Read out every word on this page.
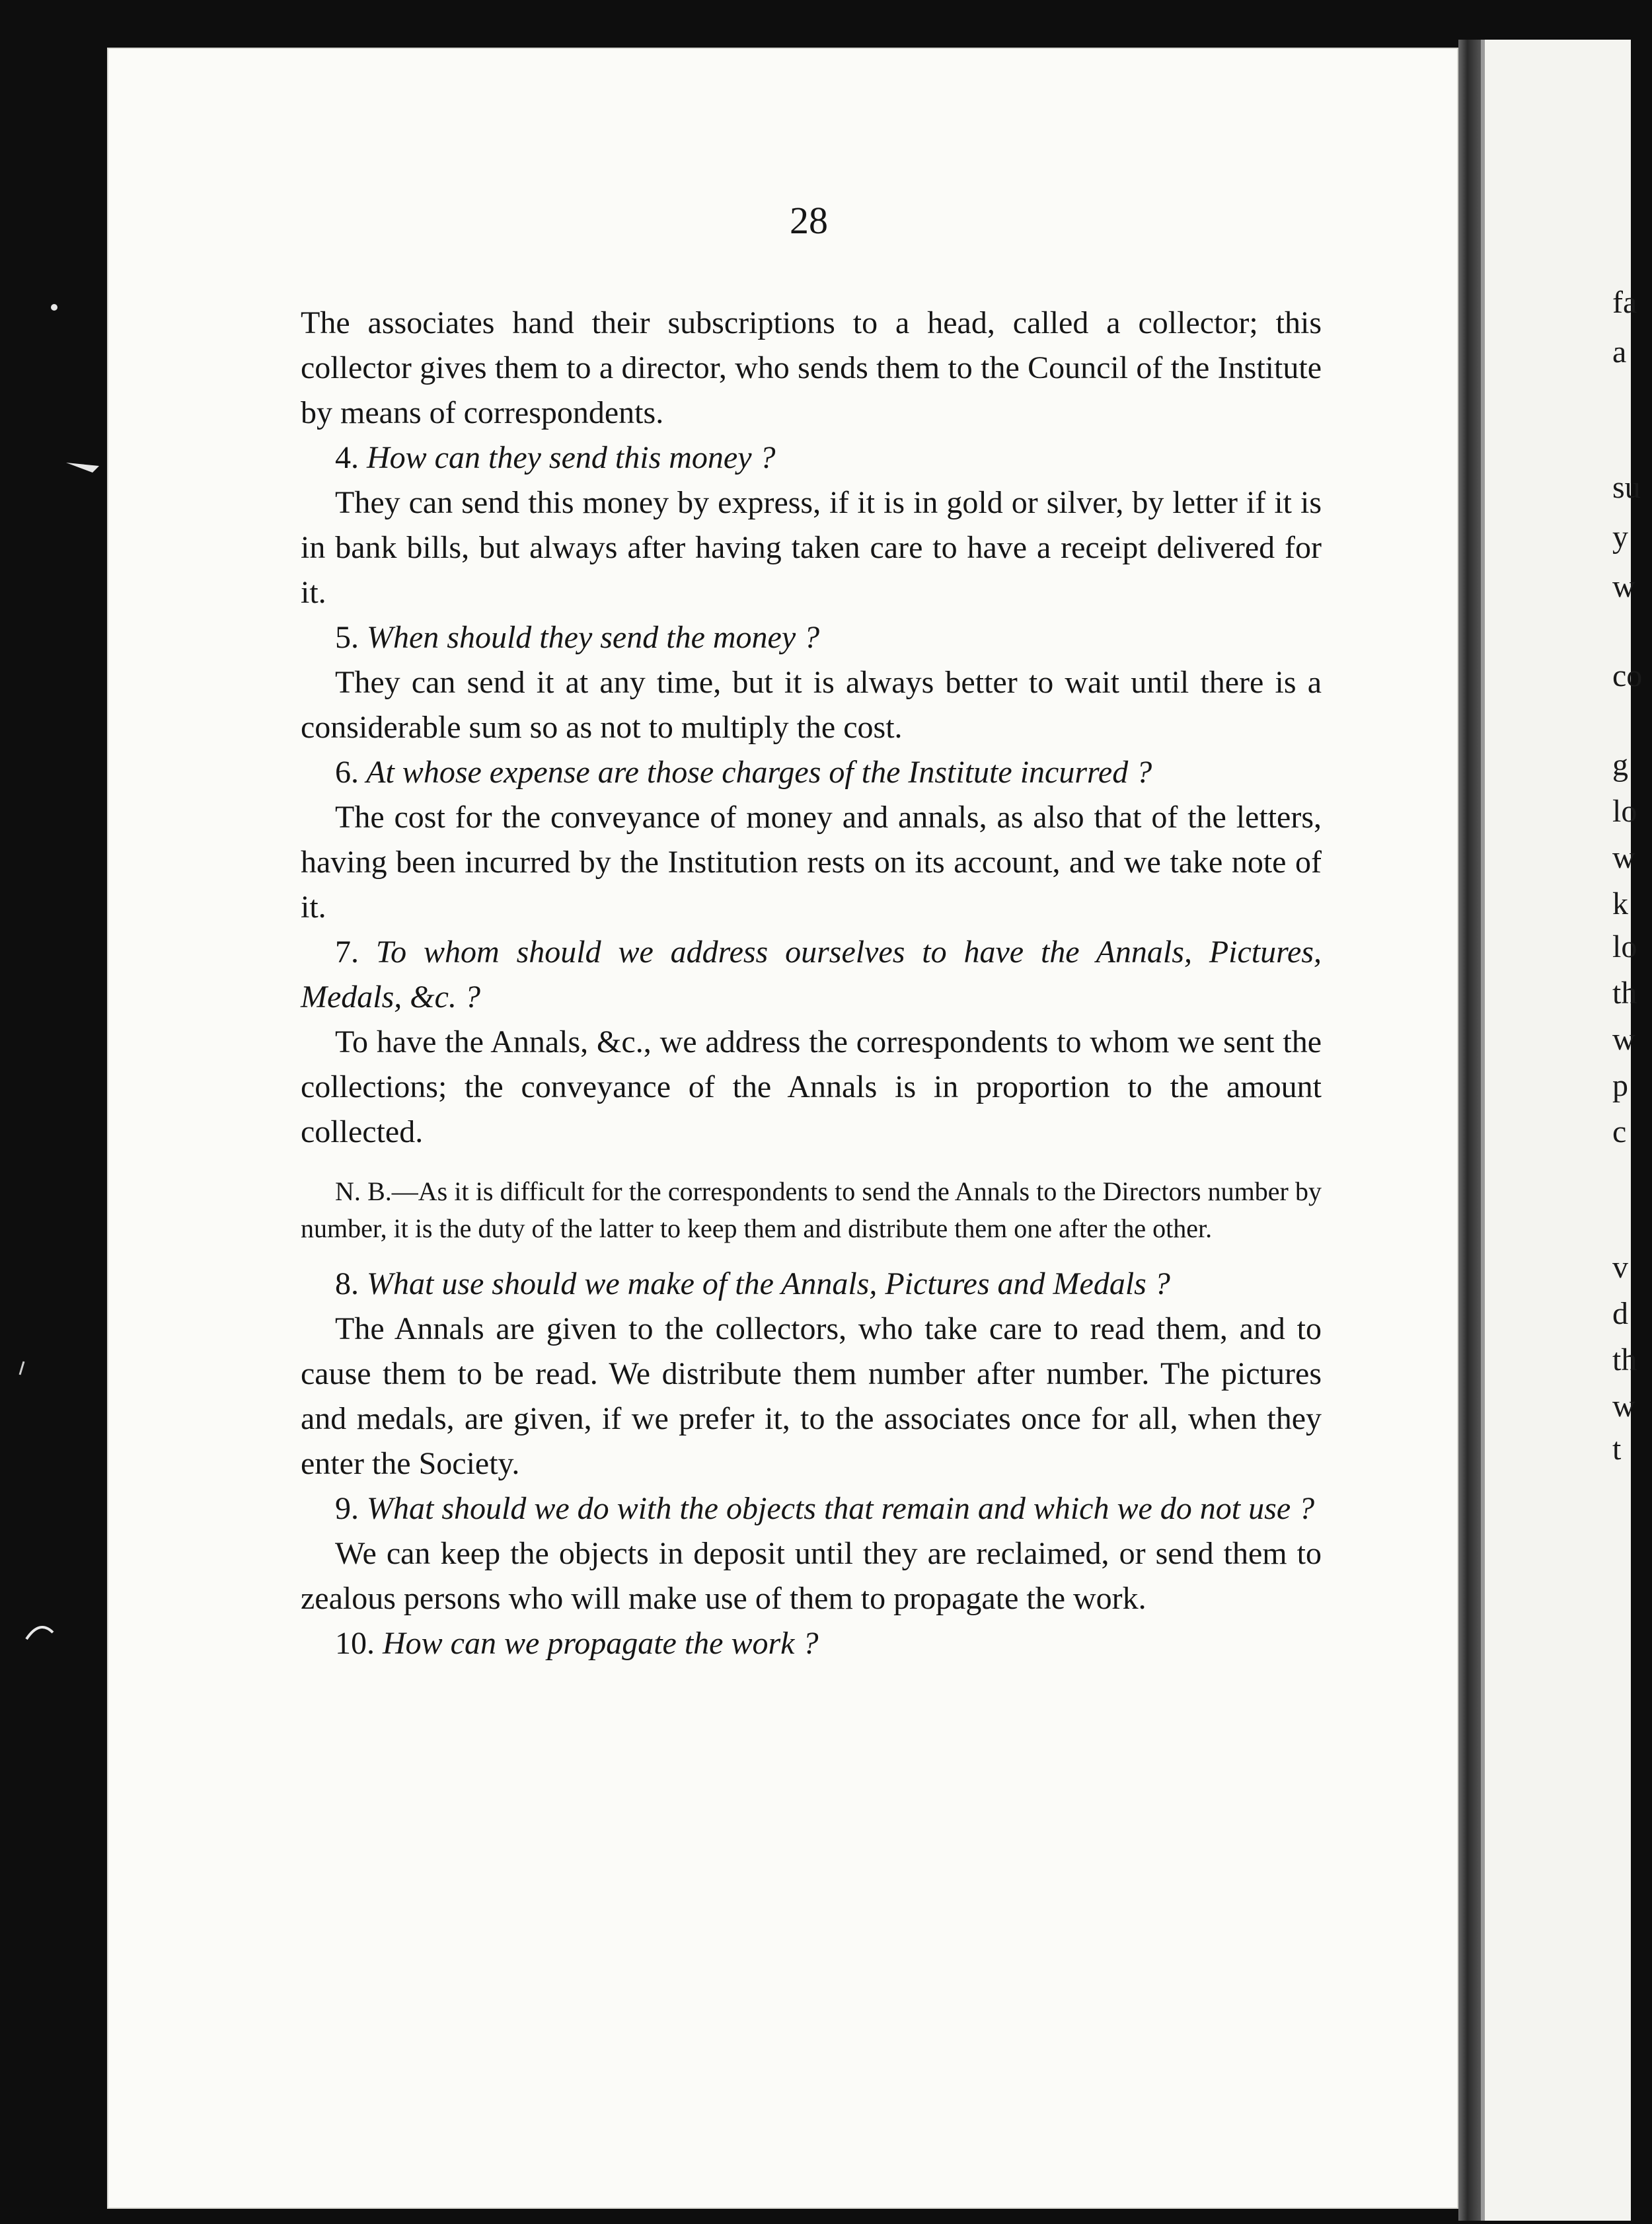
fa
a
su
y
w
co
g
lo
w
k
lo
th
w
p
c
v
d
th
w
t
28

The associates hand their subscriptions to a head, called a collector; this collector gives them to a director, who sends them to the Council of the Institute by means of correspondents.

4. How can they send this money ?

They can send this money by express, if it is in gold or silver, by letter if it is in bank bills, but always after having taken care to have a receipt delivered for it.

5. When should they send the money ?

They can send it at any time, but it is always better to wait until there is a considerable sum so as not to multiply the cost.

6. At whose expense are those charges of the Institute incurred ?

The cost for the conveyance of money and annals, as also that of the letters, having been incurred by the Institution rests on its account, and we take note of it.

7. To whom should we address ourselves to have the Annals, Pictures, Medals, &c. ?

To have the Annals, &c., we address the correspondents to whom we sent the collections; the conveyance of the Annals is in proportion to the amount collected.

N. B.—As it is difficult for the correspondents to send the Annals to the Directors number by number, it is the duty of the latter to keep them and distribute them one after the other.

8. What use should we make of the Annals, Pictures and Medals ?

The Annals are given to the collectors, who take care to read them, and to cause them to be read. We distribute them number after number. The pictures and medals, are given, if we prefer it, to the associates once for all, when they enter the Society.

9. What should we do with the objects that remain and which we do not use ?

We can keep the objects in deposit until they are reclaimed, or send them to zealous persons who will make use of them to propagate the work.

10. How can we propagate the work ?
